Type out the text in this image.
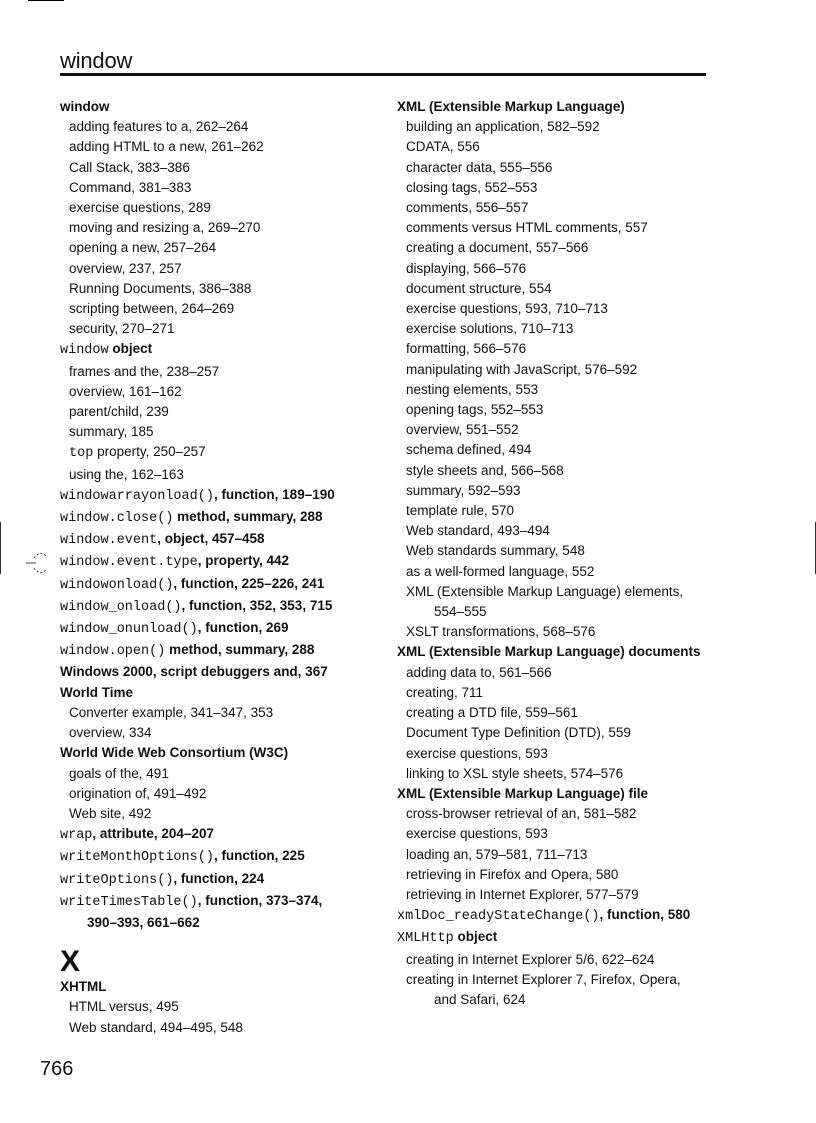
window
window
adding features to a, 262–264
adding HTML to a new, 261–262
Call Stack, 383–386
Command, 381–383
exercise questions, 289
moving and resizing a, 269–270
opening a new, 257–264
overview, 237, 257
Running Documents, 386–388
scripting between, 264–269
security, 270–271
window object
frames and the, 238–257
overview, 161–162
parent/child, 239
summary, 185
top property, 250–257
using the, 162–163
windowarrayonload(), function, 189–190
window.close() method, summary, 288
window.event, object, 457–458
window.event.type, property, 442
windowonload(), function, 225–226, 241
window_onload(), function, 352, 353, 715
window_onunload(), function, 269
window.open() method, summary, 288
Windows 2000, script debuggers and, 367
World Time
Converter example, 341–347, 353
overview, 334
World Wide Web Consortium (W3C)
goals of the, 491
origination of, 491–492
Web site, 492
wrap, attribute, 204–207
writeMonthOptions(), function, 225
writeOptions(), function, 224
writeTimesTable(), function, 373–374,
390–393, 661–662
X
XHTML
HTML versus, 495
Web standard, 494–495, 548
XML (Extensible Markup Language)
building an application, 582–592
CDATA, 556
character data, 555–556
closing tags, 552–553
comments, 556–557
comments versus HTML comments, 557
creating a document, 557–566
displaying, 566–576
document structure, 554
exercise questions, 593, 710–713
exercise solutions, 710–713
formatting, 566–576
manipulating with JavaScript, 576–592
nesting elements, 553
opening tags, 552–553
overview, 551–552
schema defined, 494
style sheets and, 566–568
summary, 592–593
template rule, 570
Web standard, 493–494
Web standards summary, 548
as a well-formed language, 552
XML (Extensible Markup Language) elements,
554–555
XSLT transformations, 568–576
XML (Extensible Markup Language) documents
adding data to, 561–566
creating, 711
creating a DTD file, 559–561
Document Type Definition (DTD), 559
exercise questions, 593
linking to XSL style sheets, 574–576
XML (Extensible Markup Language) file
cross-browser retrieval of an, 581–582
exercise questions, 593
loading an, 579–581, 711–713
retrieving in Firefox and Opera, 580
retrieving in Internet Explorer, 577–579
xmlDoc_readyStateChange(), function, 580
XMLHttp object
creating in Internet Explorer 5/6, 622–624
creating in Internet Explorer 7, Firefox, Opera,
and Safari, 624
766
